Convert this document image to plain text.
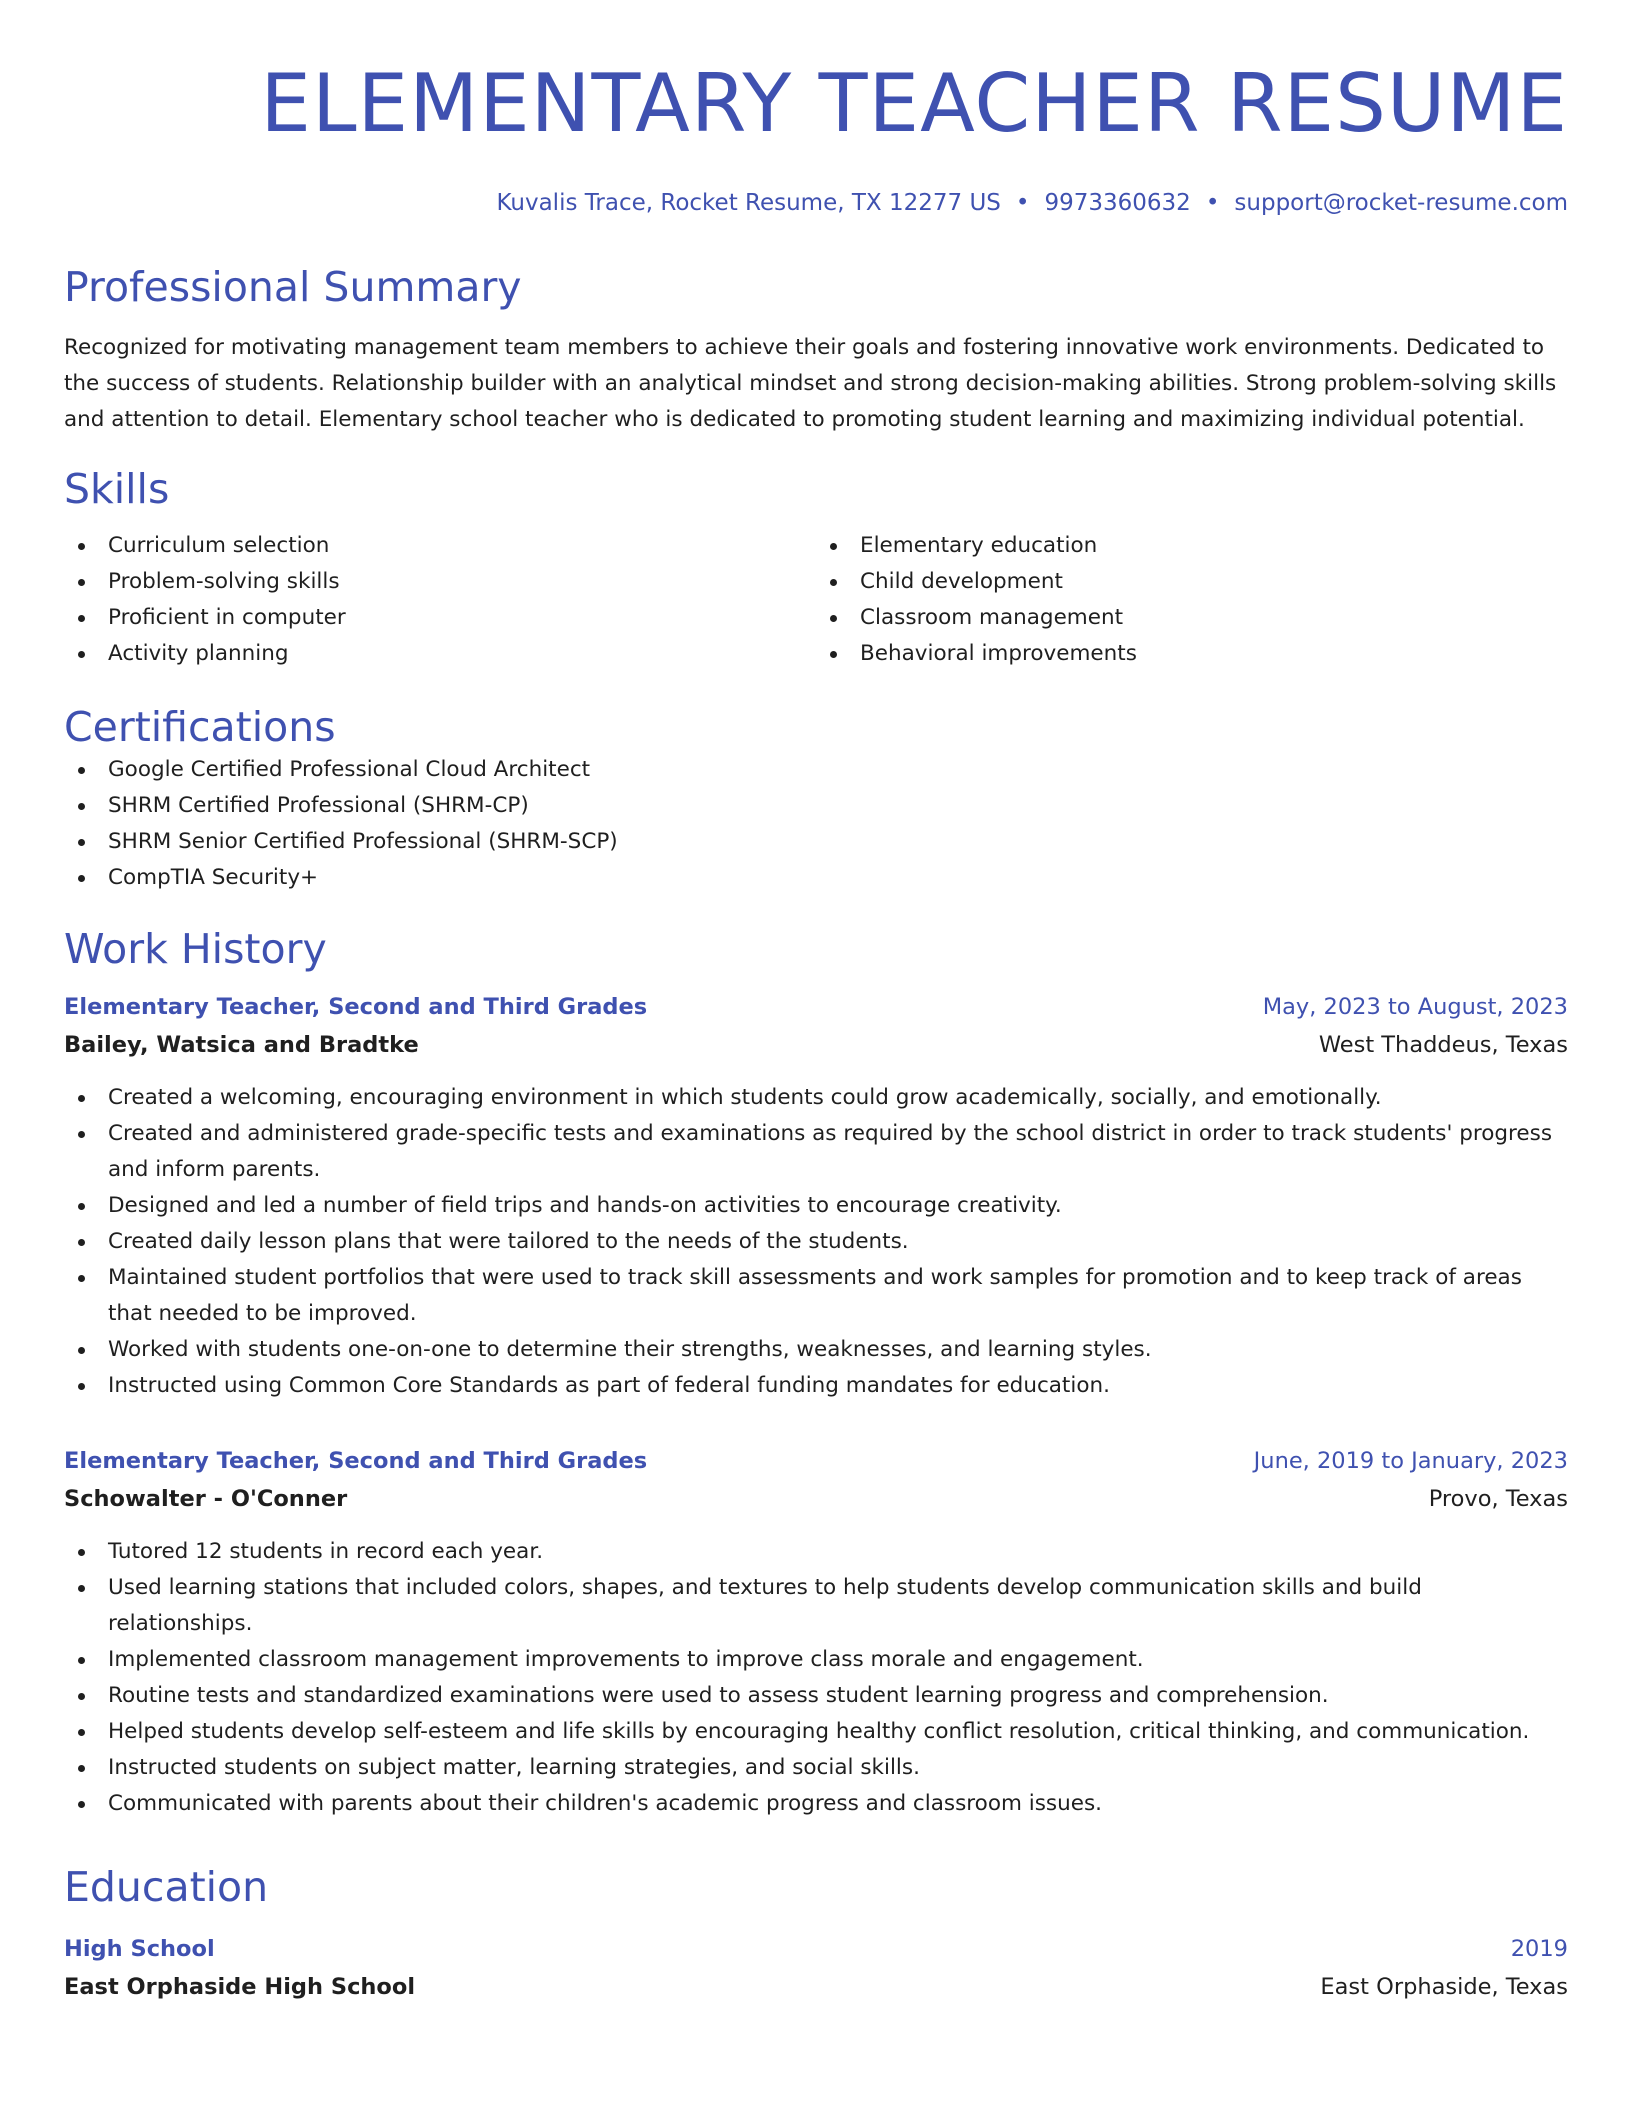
ELEMENTARY TEACHER RESUME
Kuvalis Trace, Rocket Resume, TX 12277 US • 9973360632 • support@rocket-resume.com
Professional Summary

Recognized for motivating management team members to achieve their goals and fostering innovative work environments. Dedicated to the success of students. Relationship builder with an analytical mindset and strong decision-making abilities. Strong problem-solving skills and attention to detail. Elementary school teacher who is dedicated to promoting student learning and maximizing individual potential.

Skills
Curriculum selection
Problem-solving skills
Proficient in computer
Activity planning
Elementary education
Child development
Classroom management
Behavioral improvements
Certifications
Google Certified Professional Cloud Architect
SHRM Certified Professional (SHRM-CP)
SHRM Senior Certified Professional (SHRM-SCP)
CompTIA Security+
Work History
Elementary Teacher, Second and Third Grades	May, 2023 to August, 2023
Bailey, Watsica and Bradtke	West Thaddeus, Texas
Created a welcoming, encouraging environment in which students could grow academically, socially, and emotionally.
Created and administered grade-specific tests and examinations as required by the school district in order to track students' progress and inform parents.
Designed and led a number of field trips and hands-on activities to encourage creativity.
Created daily lesson plans that were tailored to the needs of the students.
Maintained student portfolios that were used to track skill assessments and work samples for promotion and to keep track of areas that needed to be improved.
Worked with students one-on-one to determine their strengths, weaknesses, and learning styles.
Instructed using Common Core Standards as part of federal funding mandates for education.
Elementary Teacher, Second and Third Grades	June, 2019 to January, 2023
Schowalter - O'Conner	Provo, Texas
Tutored 12 students in record each year.
Used learning stations that included colors, shapes, and textures to help students develop communication skills and build relationships.
Implemented classroom management improvements to improve class morale and engagement.
Routine tests and standardized examinations were used to assess student learning progress and comprehension.
Helped students develop self-esteem and life skills by encouraging healthy conflict resolution, critical thinking, and communication.
Instructed students on subject matter, learning strategies, and social skills.
Communicated with parents about their children's academic progress and classroom issues.
Education
High School	2019
East Orphaside High School	East Orphaside, Texas
